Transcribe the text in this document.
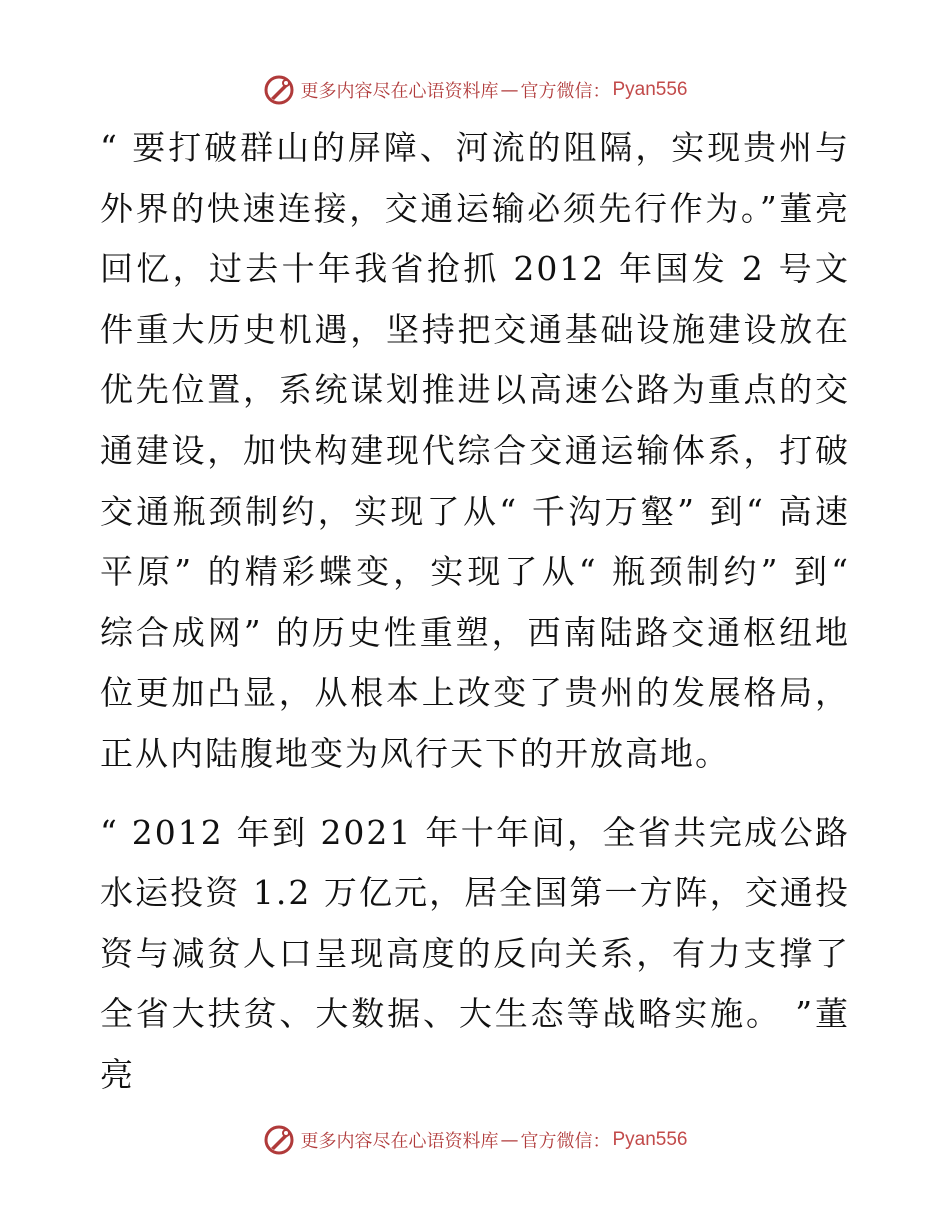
更多内容尽在心语资料库 — 官方微信： Pyan556

“ 要打破群山的屏障、河流的阻隔，实现贵州与外界的快速连接，交通运输必须先行作为。”董亮回忆，过去十年我省抢抓 2012 年国发 2 号文件重大历史机遇，坚持把交通基础设施建设放在优先位置，系统谋划推进以高速公路为重点的交通建设，加快构建现代综合交通运输体系，打破交通瓶颈制约，实现了从“ 千沟万壑” 到“ 高速平原” 的精彩蝶变，实现了从“ 瓶颈制约” 到“ 综合成网” 的历史性重塑，西南陆路交通枢纽地位更加凸显，从根本上改变了贵州的发展格局，正从内陆腹地变为风行天下的开放高地。

“ 2012 年到 2021 年十年间，全省共完成公路水运投资 1.2 万亿元，居全国第一方阵，交通投资与减贫人口呈现高度的反向关系，有力支撑了全省大扶贫、大数据、大生态等战略实施。 ”董亮

更多内容尽在心语资料库 — 官方微信： Pyan556
